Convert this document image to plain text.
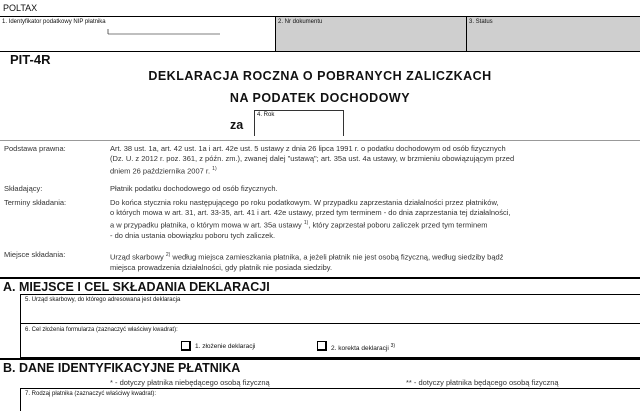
POLTAX
1. Identyfikator podatkowy NIP płatnika	2. Nr dokumentu	3. Status
PIT-4R
DEKLARACJA ROCZNA O POBRANYCH ZALICZKACH
NA PODATEK DOCHODOWY
za
4. Rok
Podstawa prawna:	Art. 38 ust. 1a, art. 42 ust. 1a i art. 42e ust. 5 ustawy z dnia 26 lipca 1991 r. o podatku dochodowym od osób fizycznych
(Dz. U. z 2012 r. poz. 361, z późn. zm.), zwanej dalej "ustawą"; art. 35a ust. 4a ustawy, w brzmieniu obowiązującym przed
dniem 26 października 2007 r. $^{1)}$
Składający:	Płatnik podatku dochodowego od osób fizycznych.
Terminy składania:	Do końca stycznia roku następującego po roku podatkowym. W przypadku zaprzestania działalności przez płatników,
o których mowa w art. 31, art. 33-35, art. 41 i art. 42e ustawy, przed tym terminem - do dnia zaprzestania tej działalności,
a w przypadku płatnika, o którym mowa w art. 35a ustawy $^{1)}$, który zaprzestał poboru zaliczek przed tym terminem
- do dnia ustania obowiązku poboru tych zaliczek.
Miejsce składania:	Urząd skarbowy $^{2)}$ według miejsca zamieszkania płatnika, a jeżeli płatnik nie jest osobą fizyczną, według siedziby bądź
miejsca prowadzenia działalności, gdy płatnik nie posiada siedziby.
A. MIEJSCE I CEL SKŁADANIA DEKLARACJI
5. Urząd skarbowy, do którego adresowana jest deklaracja
6. Cel złożenia formularza (zaznaczyć właściwy kwadrat):
1. złożenie deklaracji	2. korekta deklaracji $^{3)}$
B. DANE IDENTYFIKACYJNE PŁATNIKA
* - dotyczy płatnika niebędącego osobą fizyczną	** - dotyczy płatnika będącego osobą fizyczną
7. Rodzaj płatnika (zaznaczyć właściwy kwadrat):
